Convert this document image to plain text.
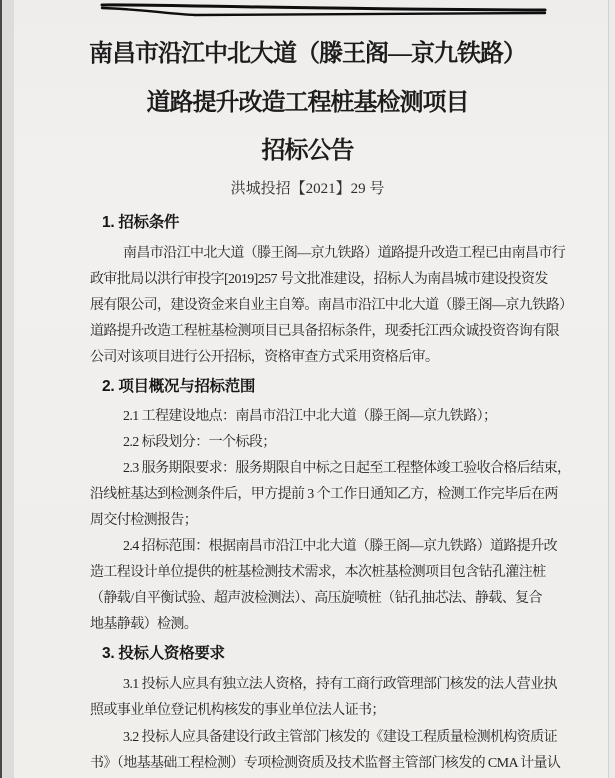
南昌市沿江中北大道（滕王阁—京九铁路）
道路提升改造工程桩基检测项目
招标公告
洪城投招【2021】29 号
1. 招标条件
南昌市沿江中北大道（滕王阁—京九铁路）道路提升改造工程已由南昌市行
政审批局以洪行审投字[2019]257 号文批准建设，招标人为南昌城市建设投资发
展有限公司，建设资金来自业主自筹。南昌市沿江中北大道（滕王阁—京九铁路）
道路提升改造工程桩基检测项目已具备招标条件，现委托江西众诚投资咨询有限
公司对该项目进行公开招标，资格审查方式采用资格后审。
2. 项目概况与招标范围
2.1 工程建设地点：南昌市沿江中北大道（滕王阁—京九铁路）；
2.2 标段划分：一个标段；
2.3 服务期限要求：服务期限自中标之日起至工程整体竣工验收合格后结束，
沿线桩基达到检测条件后，甲方提前 3 个工作日通知乙方，检测工作完毕后在两
周交付检测报告；
2.4 招标范围：根据南昌市沿江中北大道（滕王阁—京九铁路）道路提升改
造工程设计单位提供的桩基检测技术需求，本次桩基检测项目包含钻孔灌注桩
（静载/自平衡试验、超声波检测法）、高压旋喷桩（钻孔抽芯法、静载、复合
地基静载）检测。
3. 投标人资格要求
3.1 投标人应具有独立法人资格，持有工商行政管理部门核发的法人营业执
照或事业单位登记机构核发的事业单位法人证书；
3.2 投标人应具备建设行政主管部门核发的《建设工程质量检测机构资质证
书》（地基基础工程检测）专项检测资质及技术监督主管部门核发的 CMA 计量认
